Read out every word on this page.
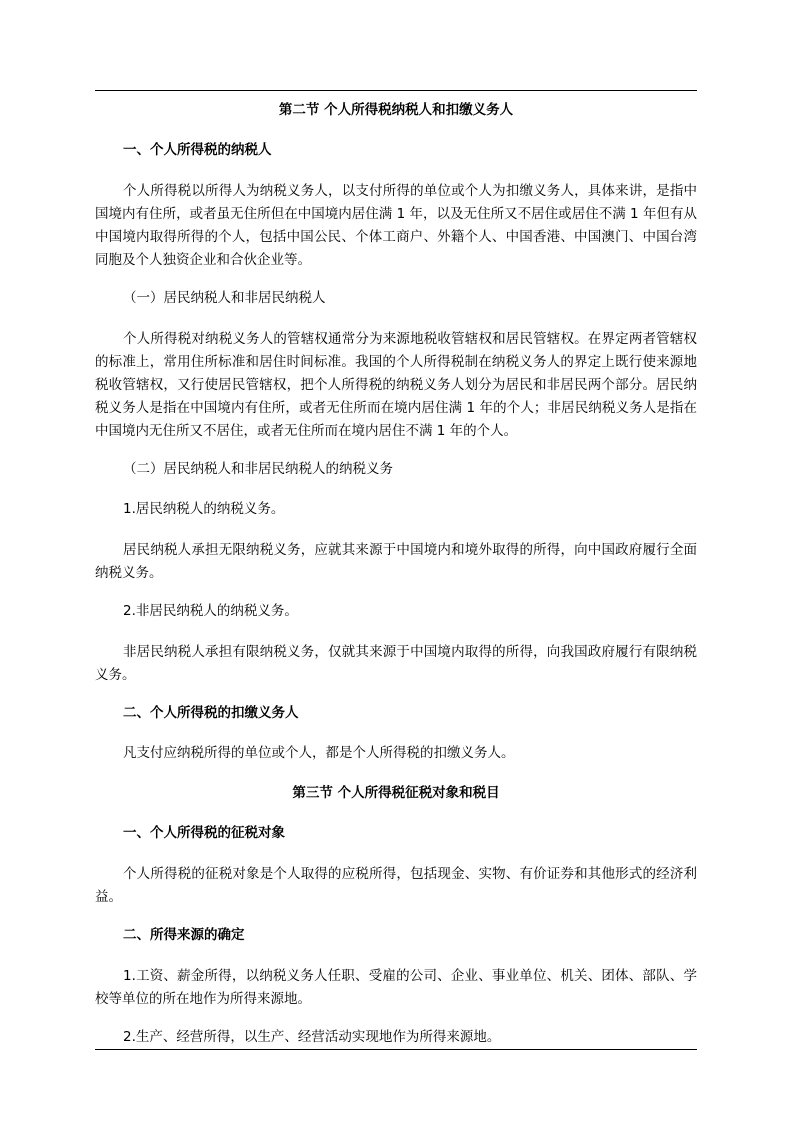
第二节 个人所得税纳税人和扣缴义务人
一、个人所得税的纳税人

个人所得税以所得人为纳税义务人，以支付所得的单位或个人为扣缴义务人，具体来讲，是指中国境内有住所，或者虽无住所但在中国境内居住满 1 年，以及无住所又不居住或居住不满 1 年但有从中国境内取得所得的个人，包括中国公民、个体工商户、外籍个人、中国香港、中国澳门、中国台湾同胞及个人独资企业和合伙企业等。

（一）居民纳税人和非居民纳税人

个人所得税对纳税义务人的管辖权通常分为来源地税收管辖权和居民管辖权。在界定两者管辖权的标准上，常用住所标准和居住时间标准。我国的个人所得税制在纳税义务人的界定上既行使来源地税收管辖权，又行使居民管辖权，把个人所得税的纳税义务人划分为居民和非居民两个部分。居民纳税义务人是指在中国境内有住所，或者无住所而在境内居住满 1 年的个人；非居民纳税义务人是指在中国境内无住所又不居住，或者无住所而在境内居住不满 1 年的个人。

（二）居民纳税人和非居民纳税人的纳税义务

1.居民纳税人的纳税义务。

居民纳税人承担无限纳税义务，应就其来源于中国境内和境外取得的所得，向中国政府履行全面纳税义务。

2.非居民纳税人的纳税义务。

非居民纳税人承担有限纳税义务，仅就其来源于中国境内取得的所得，向我国政府履行有限纳税义务。

二、个人所得税的扣缴义务人

凡支付应纳税所得的单位或个人，都是个人所得税的扣缴义务人。

第三节 个人所得税征税对象和税目
一、个人所得税的征税对象

个人所得税的征税对象是个人取得的应税所得，包括现金、实物、有价证券和其他形式的经济利益。

二、所得来源的确定

1.工资、薪金所得，以纳税义务人任职、受雇的公司、企业、事业单位、机关、团体、部队、学校等单位的所在地作为所得来源地。

2.生产、经营所得，以生产、经营活动实现地作为所得来源地。
